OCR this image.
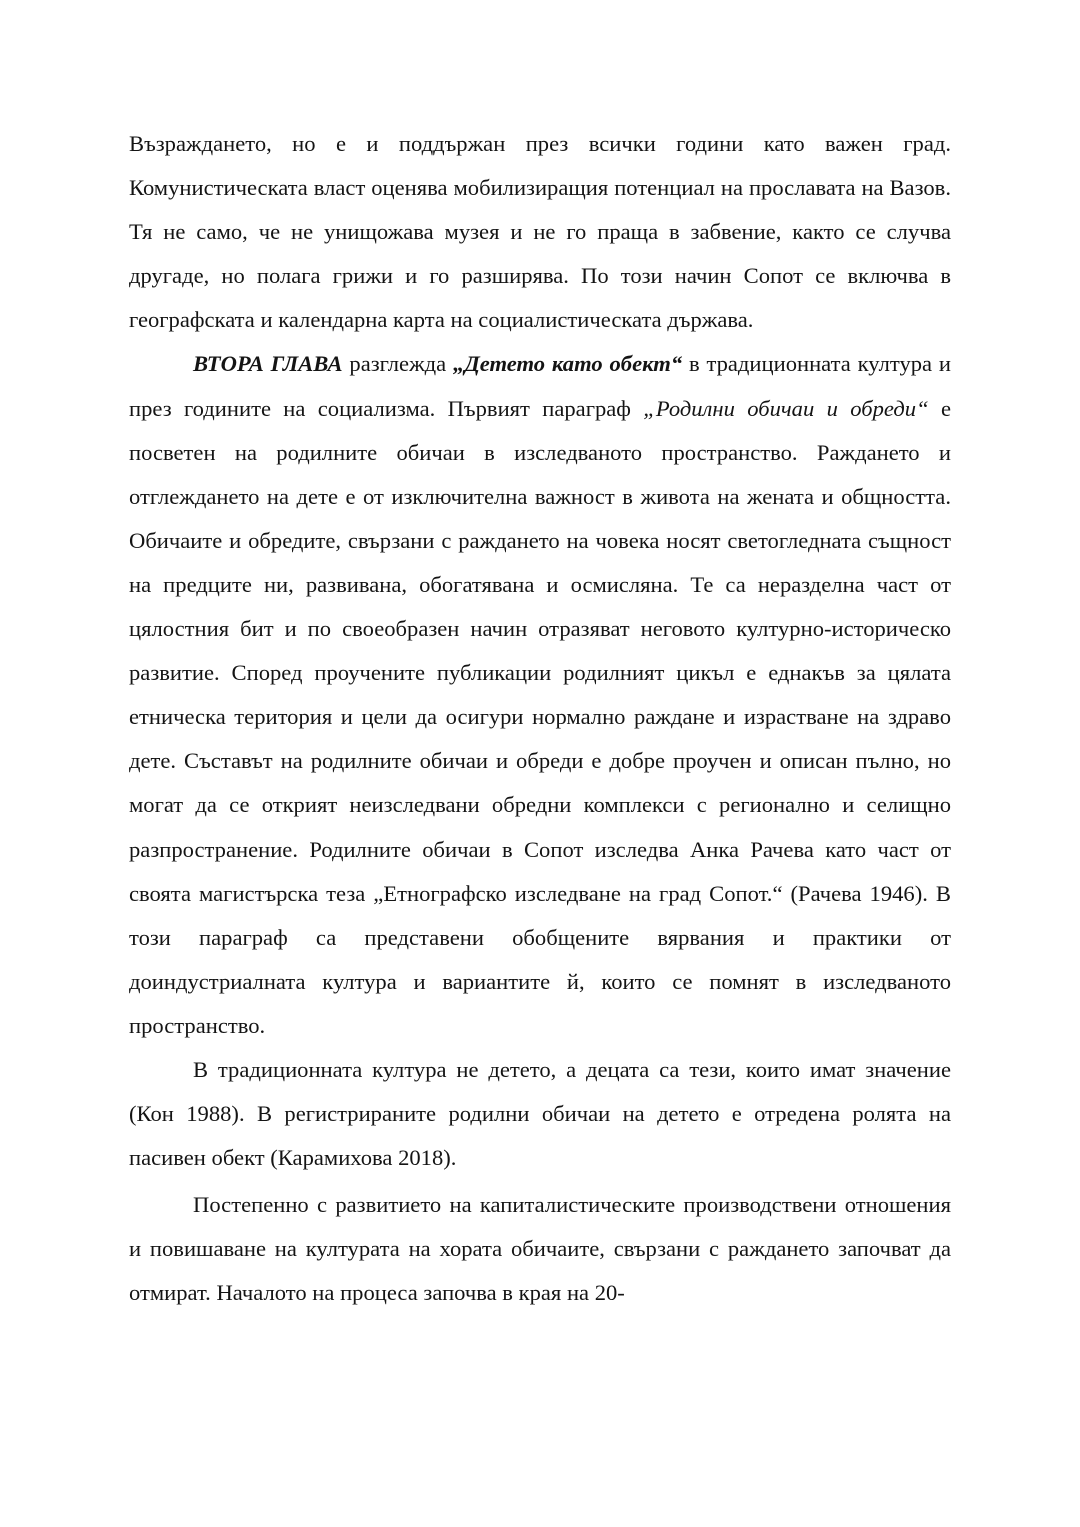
Възраждането, но е и поддържан през всички години като важен град. Комунистическата власт оценява мобилизиращия потенциал на прославата на Вазов. Тя не само, че не унищожава музея и не го праща в забвение, както се случва другаде, но полага грижи и го разширява. По този начин Сопот се включва в географската и календарна карта на социалистическата държава.

ВТОРА ГЛАВА разглежда „Детето като обект“ в традиционната култура и през годините на социализма. Първият параграф „Родилни обичаи и обреди“ е посветен на родилните обичаи в изследваното пространство. Раждането и отглеждането на дете е от изключителна важност в живота на жената и общността. Обичаите и обредите, свързани с раждането на човека носят светогледната същност на предците ни, развивана, обогатявана и осмисляна. Те са неразделна част от цялостния бит и по своеобразен начин отразяват неговото културно-историческо развитие. Според проучените публикации родилният цикъл е еднакъв за цялата етническа територия и цели да осигури нормално раждане и израстване на здраво дете. Съставът на родилните обичаи и обреди е добре проучен и описан пълно, но могат да се открият неизследвани обредни комплекси с регионално и селищно разпространение. Родилните обичаи в Сопот изследва Анка Рачева като част от своята магистърска теза „Етнографско изследване на град Сопот.“ (Рачева 1946). В този параграф са представени обобщените вярвания и практики от доиндустриалната култура и вариантите й, които се помнят в изследваното пространство.

В традиционната култура не детето, а децата са тези, които имат значение (Кон 1988). В регистрираните родилни обичаи на детето е отредена ролята на пасивен обект (Карамихова 2018).

Постепенно с развитието на капиталистическите производствени отношения и повишаване на културата на хората обичаите, свързани с раждането започват да отмират. Началото на процеса започва в края на 20-
